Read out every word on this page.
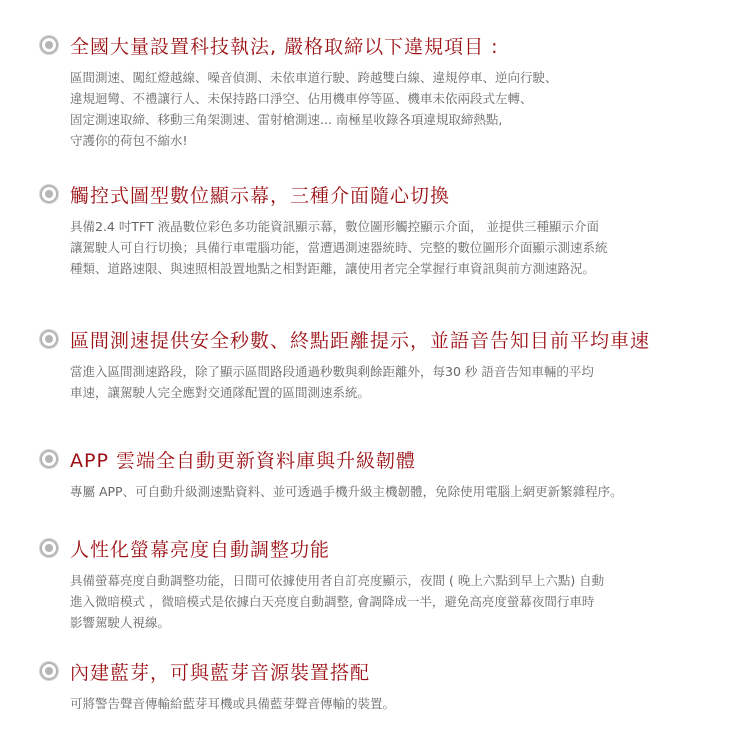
全國大量設置科技執法, 嚴格取締以下違規項目 :
區間測速、闖紅燈越線、噪音偵測、未依車道行駛、跨越雙白線、違規停車、逆向行駛、
違規迴彎、不禮讓行人、未保持路口淨空、佔用機車停等區、機車未依兩段式左轉、
固定測速取締、移動三角架測速、雷射槍測速... 南極星收錄各項違規取締熱點,
守護你的荷包不縮水!
觸控式圖型數位顯示幕，三種介面隨心切換
具備2.4 吋TFT 液晶數位彩色多功能資訊顯示幕，數位圖形觸控顯示介面， 並提供三種顯示介面
讓駕駛人可自行切換；具備行車電腦功能，當遭遇測速器統時、完整的數位圖形介面顯示測速系統
種類、道路速限、與速照相設置地點之相對距離，讓使用者完全掌握行車資訊與前方測速路況。
區間測速提供安全秒數、終點距離提示，並語音告知目前平均車速
當進入區間測速路段，除了顯示區間路段通過秒數與剩餘距離外，每30 秒 語音告知車輛的平均
車速，讓駕駛人完全應對交通隊配置的區間測速系統。
APP 雲端全自動更新資料庫與升級韌體
專屬 APP、可自動升級測速點資料、並可透過手機升級主機韌體，免除使用電腦上網更新繁雜程序。
人性化螢幕亮度自動調整功能
具備螢幕亮度自動調整功能，日間可依據使用者自訂亮度顯示，夜間 ( 晚上六點到早上六點) 自動
進入微暗模式 ，微暗模式是依據白天亮度自動調整, 會調降成一半，避免高亮度螢幕夜間行車時
影響駕駛人視線。
內建藍芽，可與藍芽音源裝置搭配
可將警告聲音傳輸給藍芽耳機或具備藍芽聲音傳輸的裝置。
